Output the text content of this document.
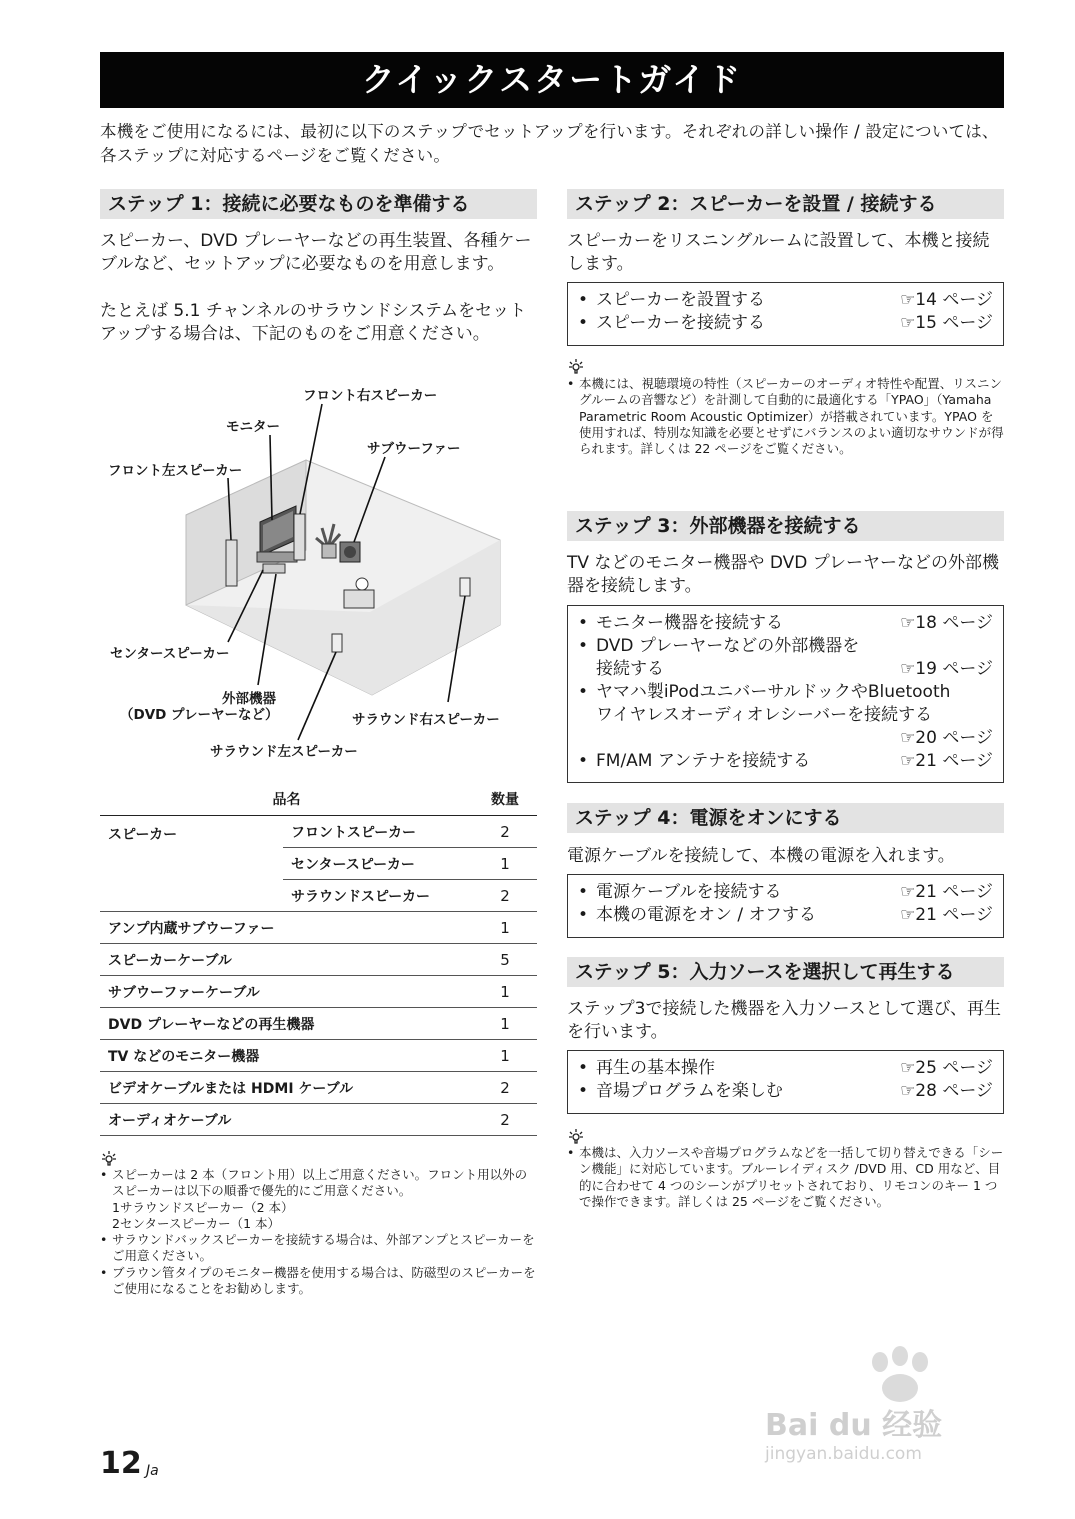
クイックスタートガイド
本機をご使用になるには、最初に以下のステップでセットアップを行います。それぞれの詳しい操作 / 設定については、各ステップに対応するページをご覧ください。
ステップ 1：接続に必要なものを準備する
スピーカー、DVD プレーヤーなどの再生装置、各種ケーブルなど、セットアップに必要なものを用意します。
たとえば 5.1 チャンネルのサラウンドシステムをセットアップする場合は、下記のものをご用意ください。
フロント右スピーカー
モニター
サブウーファー
フロント左スピーカー
センタースピーカー
外部機器
（DVD プレーヤーなど）	サラウンド右スピーカー
サラウンド左スピーカー
品名		数量
スピーカー	フロントスピーカー	2
	センタースピーカー	1
	サラウンドスピーカー	2
アンプ内蔵サブウーファー		1
スピーカーケーブル		5
サブウーファーケーブル		1
DVD プレーヤーなどの再生機器		1
TV などのモニター機器		1
ビデオケーブルまたは HDMI ケーブル		2
オーディオケーブル		2
• スピーカーは 2 本（フロント用）以上ご用意ください。フロント用以外のスピーカーは以下の順番で優先的にご用意ください。
1サラウンドスピーカー（2 本）
2センタースピーカー（1 本）
• サラウンドバックスピーカーを接続する場合は、外部アンプとスピーカーをご用意ください。
• ブラウン管タイプのモニター機器を使用する場合は、防磁型のスピーカーをご使用になることをお勧めします。
ステップ 2：スピーカーを設置 / 接続する
スピーカーをリスニングルームに設置して、本機と接続します。
• スピーカーを設置する	☞14 ページ
• スピーカーを接続する	☞15 ページ
• 本機には、視聴環境の特性（スピーカーのオーディオ特性や配置、リスニングルームの音響など）を計測して自動的に最適化する「YPAO」（Yamaha Parametric Room Acoustic Optimizer）が搭載されています。YPAO を使用すれば、特別な知識を必要とせずにバランスのよい適切なサウンドが得られます。詳しくは 22 ページをご覧ください。
ステップ 3：外部機器を接続する
TV などのモニター機器や DVD プレーヤーなどの外部機器を接続します。
• モニター機器を接続する	☞18 ページ
• DVD プレーヤーなどの外部機器を
接続する	☞19 ページ
• ヤマハ製iPodユニバーサルドックやBluetooth
ワイヤレスオーディオレシーバーを接続する
☞20 ページ
• FM/AM アンテナを接続する	☞21 ページ
ステップ 4：電源をオンにする
電源ケーブルを接続して、本機の電源を入れます。
• 電源ケーブルを接続する	☞21 ページ
• 本機の電源をオン / オフする	☞21 ページ
ステップ 5：入力ソースを選択して再生する
ステップ3で接続した機器を入力ソースとして選び、再生を行います。
• 再生の基本操作	☞25 ページ
• 音場プログラムを楽しむ	☞28 ページ
• 本機は、入力ソースや音場プログラムなどを一括して切り替えできる「シーン機能」に対応しています。ブルーレイディスク /DVD 用、CD 用など、目的に合わせて 4 つのシーンがプリセットされており、リモコンのキー 1 つで操作できます。詳しくは 25 ページをご覧ください。
Bai du 经验
jingyan.baidu.com
12 Ja
